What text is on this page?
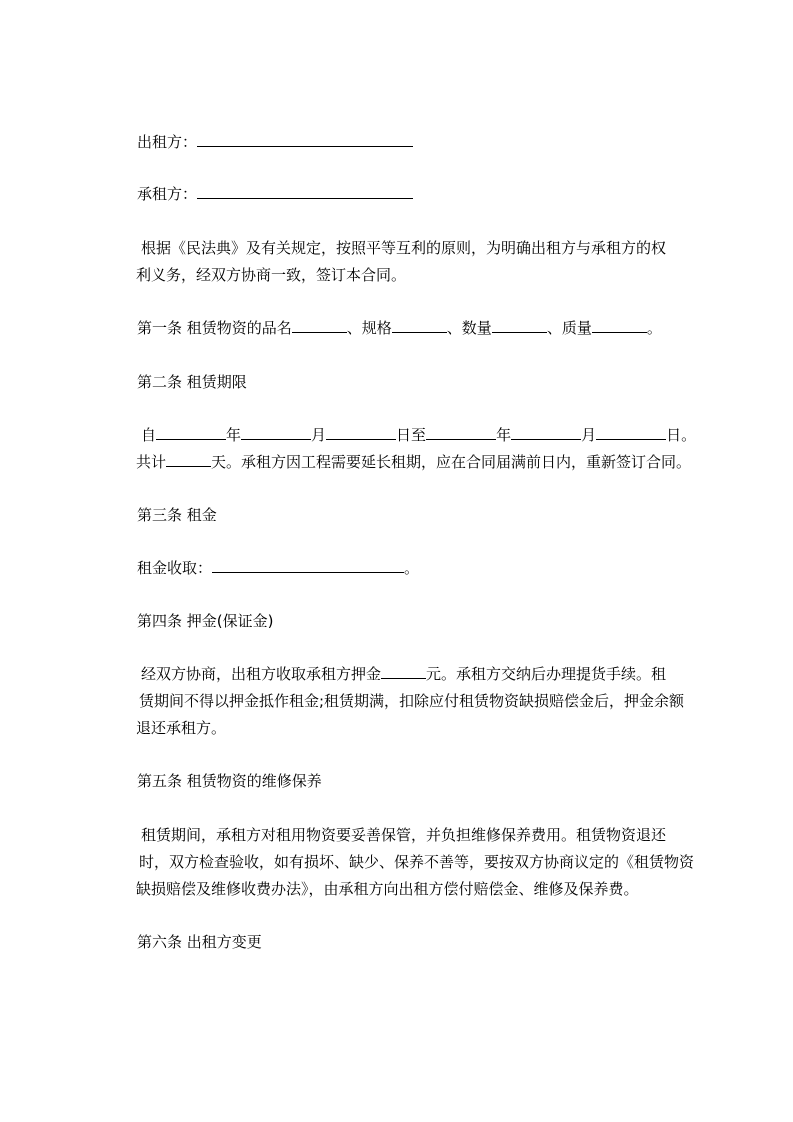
出租方：

承租方：

根据《民法典》及有关规定，按照平等互利的原则，为明确出租方与承租方的权

利义务，经双方协商一致，签订本合同。

第一条 租赁物资的品名	、规格	、数量	、质量	。

第二条 租赁期限

自	年	月	日至	年	月	日。

共计	天。承租方因工程需要延长租期，应在合同届满前日内，重新签订合同。

第三条 租金

租金收取：	。

第四条 押金(保证金)

经双方协商，出租方收取承租方押金	元。承租方交纳后办理提货手续。租

赁期间不得以押金抵作租金;租赁期满，扣除应付租赁物资缺损赔偿金后，押金余额

退还承租方。

第五条 租赁物资的维修保养

租赁期间，承租方对租用物资要妥善保管，并负担维修保养费用。租赁物资退还

时，双方检查验收，如有损坏、缺少、保养不善等，要按双方协商议定的《租赁物资

缺损赔偿及维修收费办法》，由承租方向出租方偿付赔偿金、维修及保养费。

第六条 出租方变更
